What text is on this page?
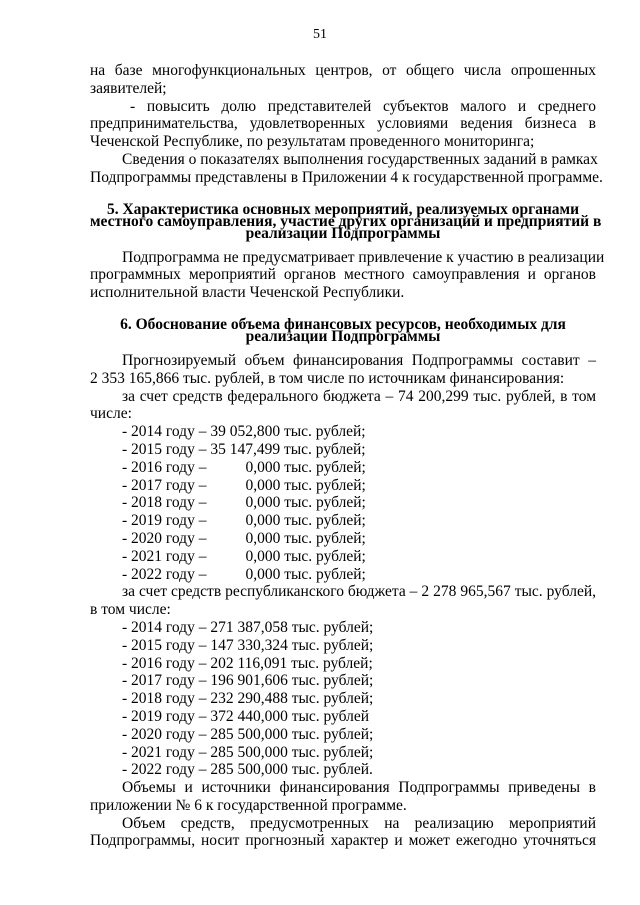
51
на базе многофункциональных центров, от общего числа опрошенных
заявителей;
- повысить долю представителей субъектов малого и среднего
предпринимательства, удовлетворенных условиями ведения бизнеса в
Чеченской Республике, по результатам проведенного мониторинга;
Сведения о показателях выполнения государственных заданий в рамках
Подпрограммы представлены в Приложении 4 к государственной программе.
5. Характеристика основных мероприятий, реализуемых органами
местного самоуправления, участие других организаций и предприятий в
реализации Подпрограммы
Подпрограмма не предусматривает привлечение к участию в реализации
программных мероприятий органов местного самоуправления и органов
исполнительной власти Чеченской Республики.
6. Обоснование объема финансовых ресурсов, необходимых для
реализации Подпрограммы
Прогнозируемый объем финансирования Подпрограммы составит –
2 353 165,866 тыс. рублей, в том числе по источникам финансирования:
за счет средств федерального бюджета – 74 200,299 тыс. рублей, в том
числе:
- 2014 году – 39 052,800 тыс. рублей;
- 2015 году – 35 147,499 тыс. рублей;
- 2016 году –	0,000 тыс. рублей;
- 2017 году –	0,000 тыс. рублей;
- 2018 году –	0,000 тыс. рублей;
- 2019 году –	0,000 тыс. рублей;
- 2020 году –	0,000 тыс. рублей;
- 2021 году –	0,000 тыс. рублей;
- 2022 году –	0,000 тыс. рублей;
за счет средств республиканского бюджета – 2 278 965,567 тыс. рублей,
в том числе:
- 2014 году – 271 387,058 тыс. рублей;
- 2015 году – 147 330,324 тыс. рублей;
- 2016 году – 202 116,091 тыс. рублей;
- 2017 году – 196 901,606 тыс. рублей;
- 2018 году – 232 290,488 тыс. рублей;
- 2019 году – 372 440,000 тыс. рублей
- 2020 году – 285 500,000 тыс. рублей;
- 2021 году – 285 500,000 тыс. рублей;
- 2022 году – 285 500,000 тыс. рублей.
Объемы и источники финансирования Подпрограммы приведены в
приложении № 6 к государственной программе.
Объем средств, предусмотренных на реализацию мероприятий
Подпрограммы, носит прогнозный характер и может ежегодно уточняться
